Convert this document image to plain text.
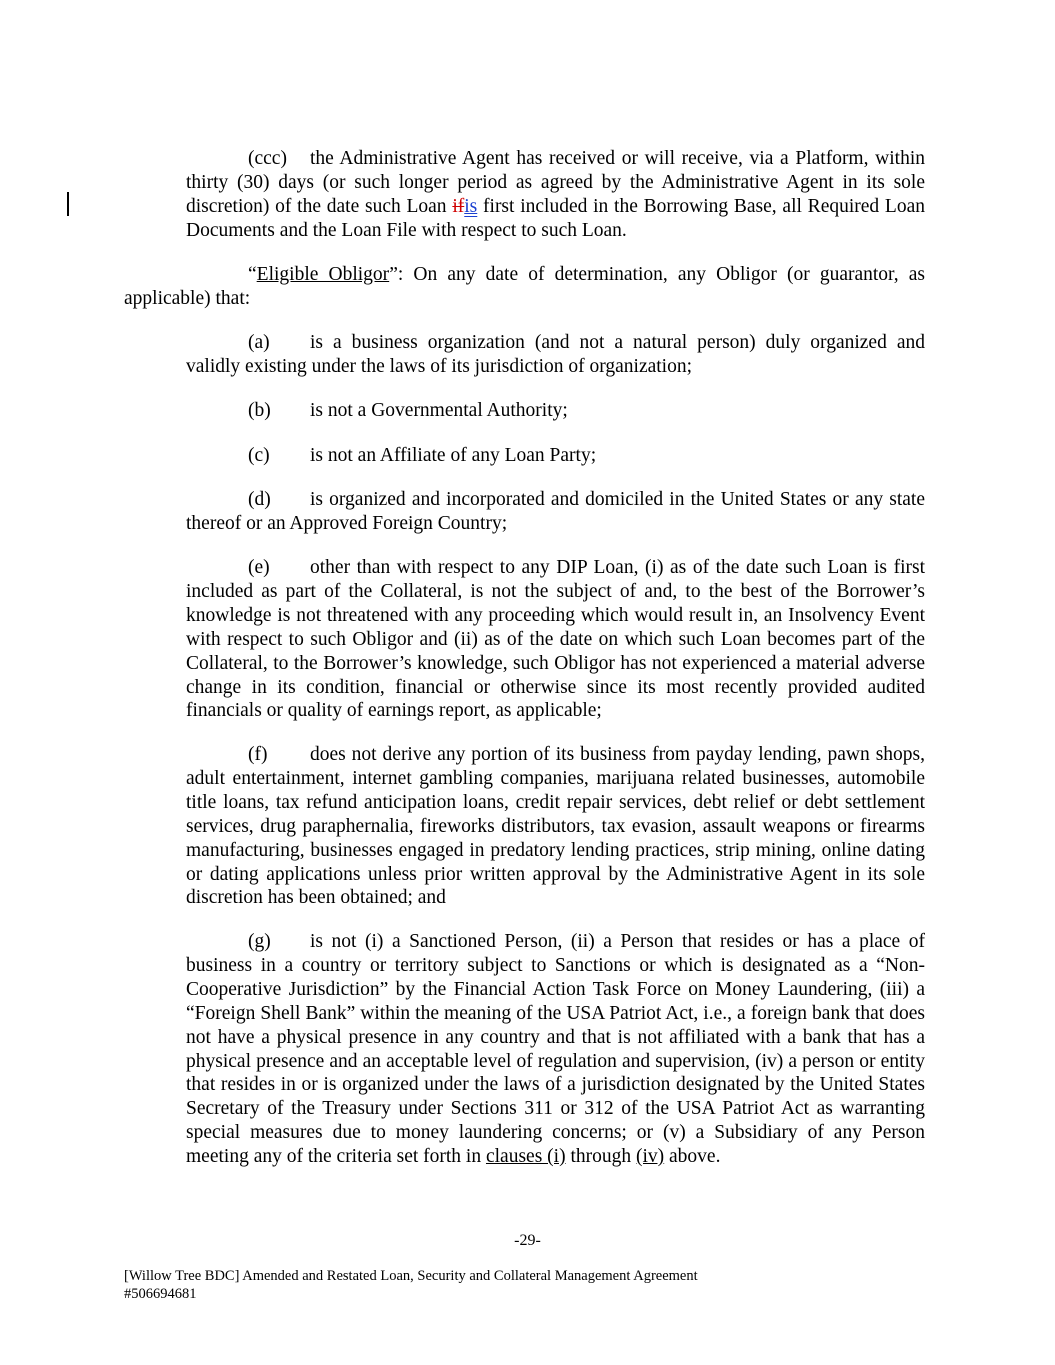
(ccc) the Administrative Agent has received or will receive, via a Platform, within thirty (30) days (or such longer period as agreed by the Administrative Agent in its sole discretion) of the date such Loan ifis first included in the Borrowing Base, all Required Loan Documents and the Loan File with respect to such Loan.

“Eligible Obligor”: On any date of determination, any Obligor (or guarantor, as applicable) that:

(a) is a business organization (and not a natural person) duly organized and validly existing under the laws of its jurisdiction of organization;

(b) is not a Governmental Authority;

(c) is not an Affiliate of any Loan Party;

(d) is organized and incorporated and domiciled in the United States or any state thereof or an Approved Foreign Country;

(e) other than with respect to any DIP Loan, (i) as of the date such Loan is first included as part of the Collateral, is not the subject of and, to the best of the Borrower’s knowledge is not threatened with any proceeding which would result in, an Insolvency Event with respect to such Obligor and (ii) as of the date on which such Loan becomes part of the Collateral, to the Borrower’s knowledge, such Obligor has not experienced a material adverse change in its condition, financial or otherwise since its most recently provided audited financials or quality of earnings report, as applicable;

(f) does not derive any portion of its business from payday lending, pawn shops, adult entertainment, internet gambling companies, marijuana related businesses, automobile title loans, tax refund anticipation loans, credit repair services, debt relief or debt settlement services, drug paraphernalia, fireworks distributors, tax evasion, assault weapons or firearms manufacturing, businesses engaged in predatory lending practices, strip mining, online dating or dating applications unless prior written approval by the Administrative Agent in its sole discretion has been obtained; and

(g) is not (i) a Sanctioned Person, (ii) a Person that resides or has a place of business in a country or territory subject to Sanctions or which is designated as a “Non-Cooperative Jurisdiction” by the Financial Action Task Force on Money Laundering, (iii) a “Foreign Shell Bank” within the meaning of the USA Patriot Act, i.e., a foreign bank that does not have a physical presence in any country and that is not affiliated with a bank that has a physical presence and an acceptable level of regulation and supervision, (iv) a person or entity that resides in or is organized under the laws of a jurisdiction designated by the United States Secretary of the Treasury under Sections 311 or 312 of the USA Patriot Act as warranting special measures due to money laundering concerns; or (v) a Subsidiary of any Person meeting any of the criteria set forth in clauses (i) through (iv) above.

-29-
[Willow Tree BDC] Amended and Restated Loan, Security and Collateral Management Agreement
#506694681
